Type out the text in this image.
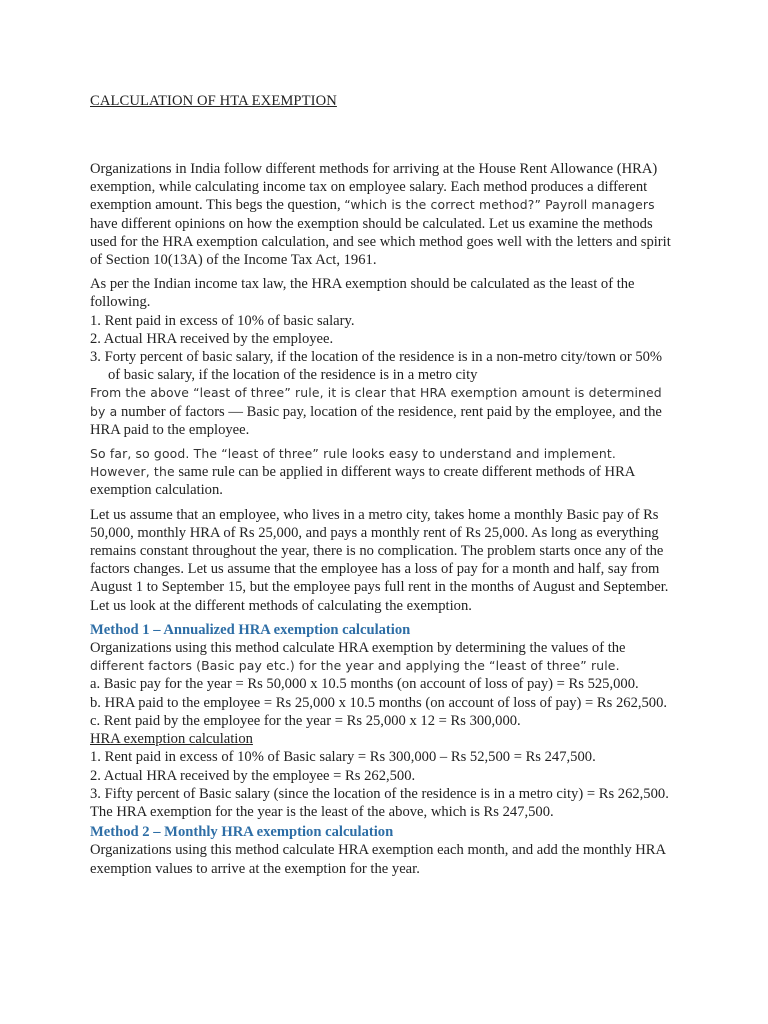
CALCULATION OF HTA EXEMPTION

Organizations in India follow different methods for arriving at the House Rent Allowance (HRA) exemption, while calculating income tax on employee salary. Each method produces a different exemption amount. This begs the question, “which is the correct method?” Payroll managers have different opinions on how the exemption should be calculated. Let us examine the methods used for the HRA exemption calculation, and see which method goes well with the letters and spirit of Section 10(13A) of the Income Tax Act, 1961.

As per the Indian income tax law, the HRA exemption should be calculated as the least of the following.
1. Rent paid in excess of 10% of basic salary.
2. Actual HRA received by the employee.
3. Forty percent of basic salary, if the location of the residence is in a non-metro city/town or 50% of basic salary, if the location of the residence is in a metro city

From the above “least of three” rule, it is clear that HRA exemption amount is determined by a number of factors — Basic pay, location of the residence, rent paid by the employee, and the HRA paid to the employee.

So far, so good. The “least of three” rule looks easy to understand and implement. However, the same rule can be applied in different ways to create different methods of HRA exemption calculation.

Let us assume that an employee, who lives in a metro city, takes home a monthly Basic pay of Rs 50,000, monthly HRA of Rs 25,000, and pays a monthly rent of Rs 25,000. As long as everything remains constant throughout the year, there is no complication. The problem starts once any of the factors changes. Let us assume that the employee has a loss of pay for a month and half, say from August 1 to September 15, but the employee pays full rent in the months of August and September. Let us look at the different methods of calculating the exemption.

Method 1 – Annualized HRA exemption calculation
Organizations using this method calculate HRA exemption by determining the values of the different factors (Basic pay etc.) for the year and applying the “least of three” rule.
a. Basic pay for the year = Rs 50,000 x 10.5 months (on account of loss of pay) = Rs 525,000.
b. HRA paid to the employee = Rs 25,000 x 10.5 months (on account of loss of pay) = Rs 262,500.
c. Rent paid by the employee for the year = Rs 25,000 x 12 = Rs 300,000.
HRA exemption calculation
1. Rent paid in excess of 10% of Basic salary = Rs 300,000 – Rs 52,500 = Rs 247,500.
2. Actual HRA received by the employee = Rs 262,500.
3. Fifty percent of Basic salary (since the location of the residence is in a metro city) = Rs 262,500.
The HRA exemption for the year is the least of the above, which is Rs 247,500.
Method 2 – Monthly HRA exemption calculation
Organizations using this method calculate HRA exemption each month, and add the monthly HRA exemption values to arrive at the exemption for the year.
